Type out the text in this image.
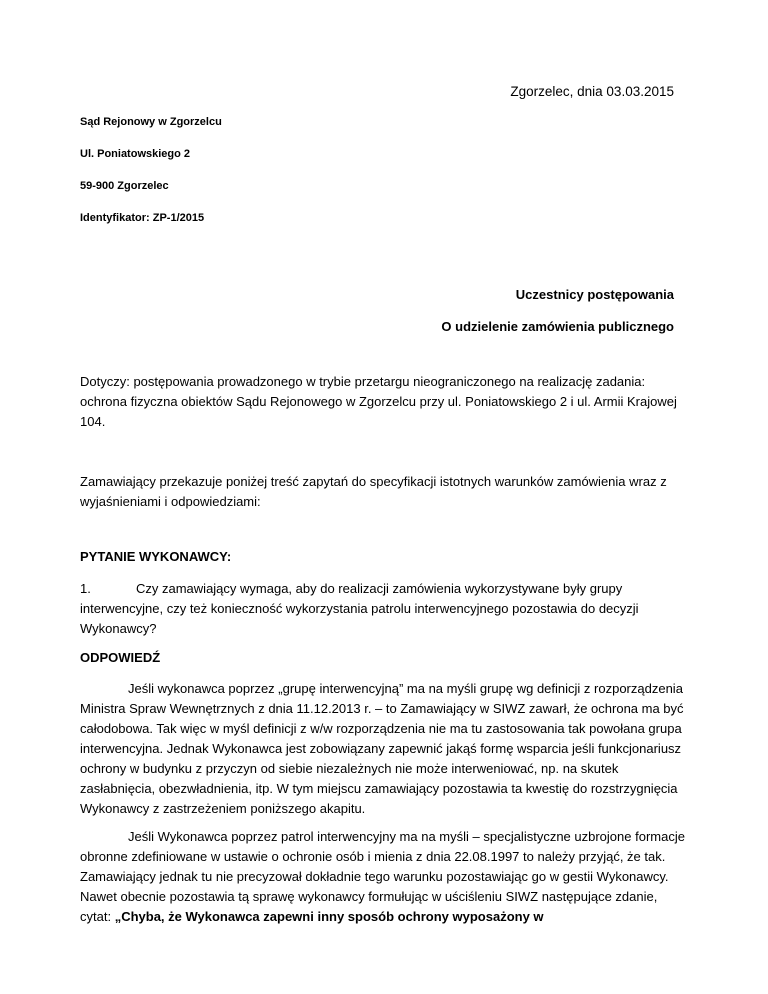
Zgorzelec, dnia 03.03.2015
Sąd Rejonowy w Zgorzelcu
Ul. Poniatowskiego 2
59-900 Zgorzelec
Identyfikator: ZP-1/2015
Uczestnicy postępowania
O udzielenie zamówienia publicznego
Dotyczy: postępowania prowadzonego w trybie przetargu nieograniczonego na realizację zadania: ochrona fizyczna obiektów Sądu Rejonowego w Zgorzelcu przy ul. Poniatowskiego 2 i ul. Armii Krajowej 104.
Zamawiający przekazuje poniżej treść zapytań do specyfikacji istotnych warunków zamówienia wraz z wyjaśnieniami i odpowiedziami:
PYTANIE WYKONAWCY:
1.	Czy zamawiający wymaga, aby do realizacji zamówienia wykorzystywane były grupy interwencyjne, czy też konieczność wykorzystania patrolu interwencyjnego pozostawia do decyzji Wykonawcy?
ODPOWIEDŹ
Jeśli wykonawca poprzez „grupę interwencyjną” ma na myśli grupę wg definicji z rozporządzenia Ministra Spraw Wewnętrznych z dnia 11.12.2013 r. – to Zamawiający w SIWZ zawarł, że ochrona ma być całodobowa. Tak więc w myśl definicji z w/w rozporządzenia nie ma tu zastosowania tak powołana grupa interwencyjna. Jednak Wykonawca jest zobowiązany zapewnić jakąś formę wsparcia jeśli funkcjonariusz ochrony w budynku z przyczyn od siebie niezależnych nie może interweniować, np. na skutek zasłabnięcia, obezwładnienia, itp. W tym miejscu zamawiający pozostawia ta kwestię do rozstrzygnięcia Wykonawcy z zastrzeżeniem poniższego akapitu.
Jeśli Wykonawca poprzez patrol interwencyjny ma na myśli – specjalistyczne uzbrojone formacje obronne zdefiniowane w ustawie o ochronie osób i mienia z dnia 22.08.1997 to należy przyjąć, że tak. Zamawiający jednak tu nie precyzował dokładnie tego warunku pozostawiając go w gestii Wykonawcy. Nawet obecnie pozostawia tą sprawę wykonawcy formułując w uściśleniu SIWZ następujące zdanie, cytat: „Chyba, że Wykonawca zapewni inny sposób ochrony wyposażony w
